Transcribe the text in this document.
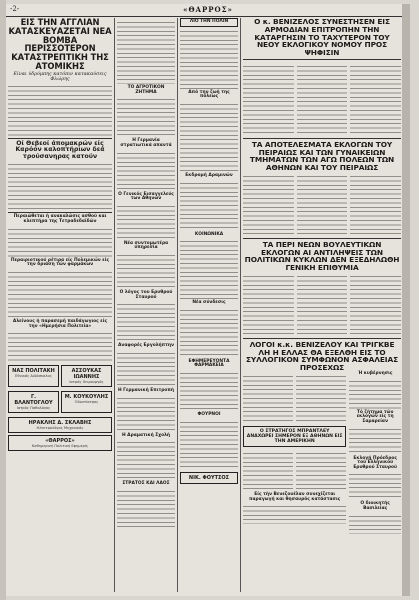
-2-	«ΘΑΡΡΟΣ»
ΕΙΣ ΤΗΝ ΑΓΓΛΙΑΝ ΚΑΤΑΣΚΕΥΑΖΕΤΑΙ ΝΕΑ ΒΟΜΒΑ ΠΕΡΙΣΣΟΤΕΡΟΝ ΚΑΤΑΣΤΡΕΠΤΙΚΗ ΤΗΣ ΑΤΟΜΙΚΗΣ
Είναι ύδρόμπης κατόπιν κατακαύσεις Φλώρης
Οί Θεβεοί άπομακρών είς Καρόον καλοπτήριων δεά τρούσανηρας κατούν
Περαιώθεται ή ανακαλώσις ασθού και κλεπτήρα της Τετραδεδαϊδών
Περαιριοτικού ρέτιρα είς Πολεμικών είς την δριάση τών φαρμάκων
Αλείνους ή παρασεμή παιδάγωγιος είς την «Ημερήσια Πολιτεία»
ΝΑΣ ΠΟΛΙΤΑΚΗ
Εθνικός Διδάσκαλος
ΑΣΣΟΥΚΑΣ ΙΩΑΝΝΗΣ
Ιατρός Χειρουργός
Γ. ΒΛΑΝΤΟΓΛΟΥ
Ιατρός Παθολόγος
Μ. ΚΟΥΚΟΥΛΗΣ
Οδοντίατρος
ΗΡΑΚΛΗΣ Δ. ΣΚΛΑΒΗΣ
Ηλεκτρολόγος Μηχανικός
«ΘΑΡΡΟΣ»
Καθημερινή Πολιτική Εφημερίς
ΤΟ ΑΓΡΟΤΙΚΟΝ ΖΗΤΗΜΑ
Η Γερμανία στρατιωτικά απαντά
Ο Γενικός Εισαγγελεύς των Αθηνών
Νέα συντομωτέρα ύπηρεσία
Ο λόγος του Ερυθρού Σταυρού
Αναφορές Εργολήπτην
Η Γερμανική Επιτροπή
Η Δραματική Σχολή
ΣΤΡΑΤΟΣ ΚΑΙ ΛΑΟΣ
ΛΙΟ ΤΗΝ ΠΟΛΙΝ
Από την ζωή της πόλεως
Εκδρομή Δραμινών
ΚΟΙΝΩΝΙΚΑ
Νέα σύνδεσις
ΕΦΗΜΕΡΕΥΟΝΤΑ ΦΑΡΜΑΚΕΙΑ
ΦΟΥΡΝΟΙ
ΝΙΚ. ΦΟΥΤΣΟΣ
Ο κ. ΒΕΝΙΖΕΛΟΣ ΣΥΝΕΣΤΗΣΕΝ ΕΙΣ ΑΡΜΟΔΙΑΝ ΕΠΙΤΡΟΠΗΝ ΤΗΝ ΚΑΤΑΡΓΗΣΙΝ ΤΟ ΤΑΧΥΤΕΡΟΝ ΤΟΥ ΝΕΟΥ ΕΚΛΟΓΙΚΟΥ ΝΟΜΟΥ ΠΡΟΣ ΨΗΦΙΣΙΝ
ΤΑ ΑΠΟΤΕΛΕΣΜΑΤΑ ΕΚΛΟΓΩΝ ΤΟΥ ΠΕΙΡΑΙΩΣ ΚΑΙ ΤΩΝ ΓΥΝΑΙΚΕΙΩΝ ΤΜΗΜΑΤΩΝ ΤΩΝ ΑΓΩ ΠΟΛΕΩΝ ΤΩΝ ΑΘΗΝΩΝ ΚΑΙ ΤΟΥ ΠΕΙΡΑΙΩΣ
ΤΑ ΠΕΡΙ ΝΕΩΝ ΒΟΥΛΕΥΤΙΚΩΝ ΕΚΛΟΓΩΝ ΑΙ ΑΝΤΙΛΗΨΕΙΣ ΤΩΝ ΠΟΛΙΤΙΚΩΝ ΚΥΚΛΩΝ ΔΕΝ ΕΞΕΔΗΛΩΘΗ ΓΕΝΙΚΗ ΕΠΙΘΥΜΙΑ
ΛΟΓΟΙ κ.κ. ΒΕΝΙΖΕΛΟΥ ΚΑΙ ΤΡΙΓΚΒΕ ΛΗ Η ΕΛΛΑΣ ΘΑ ΕΞΕΛΘΗ ΕΙΣ ΤΟ ΣΥΛΛΟΓΙΚΟΝ ΣΥΜΦΩΝΟΝ ΑΣΦΑΛΕΙΑΣ ΠΡΟΣΕΧΩΣ
Ο ΣΤΡΑΤΗΓΟΣ ΜΠΡΑΝΤΛΕΥ ΑΝΑΧΩΡΕΙ ΣΗΜΕΡΟΝ ΕΞ ΑΘΗΝΩΝ ΕΙΣ ΤΗΝ ΑΜΕΡΙΚΗΝ
Είς τὴν Βενεζουέλαν συνεχίζεται παραγωγή και θησαυρός κατάστασις
Ή κυβέρνησις
Τό ζήτημα τών εκλογών είς τη Σαμαρείαν
Εκλογή Πρόεδρος τού Ελληνικού Ερυθρού Σταυρού
Ο διοικητής Βασιλείας
